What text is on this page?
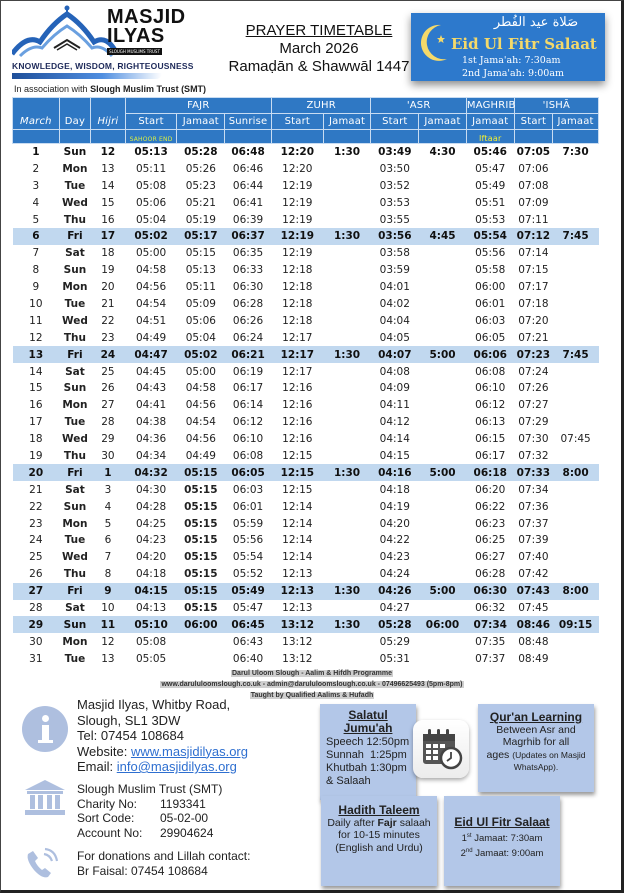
MASJID
ILYAS
SLOUGH MUSLIMS TRUST
KNOWLEDGE, WISDOM, RIGHTEOUSNESS
In association with Slough Muslim Trust (SMT)
PRAYER TIMETABLE
March 2026
Ramaḍān & Shawwāl 1447
صَلاة عيد الفُطر
Eid Ul Fitr Salaat
1st Jama'ah: 7:30am
2nd Jama'ah: 9:00am
March	Day	Hijri	FAJR			ZUHR		'ASR		MAGHRIB	'ISHĀ	
			Start	Jamaat	Sunrise	Start	Jamaat	Start	Jamaat	Jamaat	Start	Jamaat
			SAHOOR END							Iftaar		
1	Sun	12	05:13	05:28	06:48	12:20	1:30	03:49	4:30	05:46	07:05	7:30
2	Mon	13	05:11	05:26	06:46	12:20		03:50		05:47	07:06	
3	Tue	14	05:08	05:23	06:44	12:19		03:52		05:49	07:08	
4	Wed	15	05:06	05:21	06:41	12:19		03:53		05:51	07:09	
5	Thu	16	05:04	05:19	06:39	12:19		03:55		05:53	07:11	
6	Fri	17	05:02	05:17	06:37	12:19	1:30	03:56	4:45	05:54	07:12	7:45
7	Sat	18	05:00	05:15	06:35	12:19		03:58		05:56	07:14	
8	Sun	19	04:58	05:13	06:33	12:18		03:59		05:58	07:15	
9	Mon	20	04:56	05:11	06:30	12:18		04:01		06:00	07:17	
10	Tue	21	04:54	05:09	06:28	12:18		04:02		06:01	07:18	
11	Wed	22	04:51	05:06	06:26	12:18		04:04		06:03	07:20	
12	Thu	23	04:49	05:04	06:24	12:17		04:05		06:05	07:21	
13	Fri	24	04:47	05:02	06:21	12:17	1:30	04:07	5:00	06:06	07:23	7:45
14	Sat	25	04:45	05:00	06:19	12:17		04:08		06:08	07:24	
15	Sun	26	04:43	04:58	06:17	12:16		04:09		06:10	07:26	
16	Mon	27	04:41	04:56	06:14	12:16		04:11		06:12	07:27	
17	Tue	28	04:38	04:54	06:12	12:16		04:12		06:13	07:29	
18	Wed	29	04:36	04:56	06:10	12:16		04:14		06:15	07:30	07:45
19	Thu	30	04:34	04:49	06:08	12:15		04:15		06:17	07:32	
20	Fri	1	04:32	05:15	06:05	12:15	1:30	04:16	5:00	06:18	07:33	8:00
21	Sat	3	04:30	05:15	06:03	12:15		04:18		06:20	07:34	
22	Sun	4	04:28	05:15	06:01	12:14		04:19		06:22	07:36	
23	Mon	5	04:25	05:15	05:59	12:14		04:20		06:23	07:37	
24	Tue	6	04:23	05:15	05:56	12:14		04:22		06:25	07:39	
25	Wed	7	04:20	05:15	05:54	12:14		04:23		06:27	07:40	
26	Thu	8	04:18	05:15	05:52	12:13		04:24		06:28	07:42	
27	Fri	9	04:15	05:15	05:49	12:13	1:30	04:26	5:00	06:30	07:43	8:00
28	Sat	10	04:13	05:15	05:47	12:13		04:27		06:32	07:45	
29	Sun	11	05:10	06:00	06:45	13:12	1:30	05:28	06:00	07:34	08:46	09:15
30	Mon	12	05:08		06:43	13:12		05:29		07:35	08:48	
31	Tue	13	05:05		06:40	13:12		05:31		07:37	08:49	
Darul Uloom Slough - Aalim & Hifdh Programme
www.darululoomslough.co.uk - admin@darululoomslough.co.uk - 07496625493 (5pm-8pm)
Taught by Qualified Aalims & Hufadh
Masjid Ilyas, Whitby Road,
Slough, SL1 3DW
Tel: 07454 108684
Website: www.masjidilyas.org
Email: info@masjidilyas.org
Slough Muslim Trust (SMT)
Charity No:	1193341
Sort Code:	05-02-00
Account No:	29904624
For donations and Lillah contact:
Br Faisal: 07454 108684
Salatul Jumu'ah
Speech 12:50pm
Sunnah  1:25pm
Khutbah 1:30pm
& Salaah
Qur'an Learning
Between Asr and
Magrhib for all
ages (Updates on Masjid WhatsApp).
Hadith Taleem
Daily after Fajr salaah for 10-15 minutes (English and Urdu)
Eid Ul Fitr Salaat
1st Jamaat: 7:30am
2nd Jamaat: 9:00am
